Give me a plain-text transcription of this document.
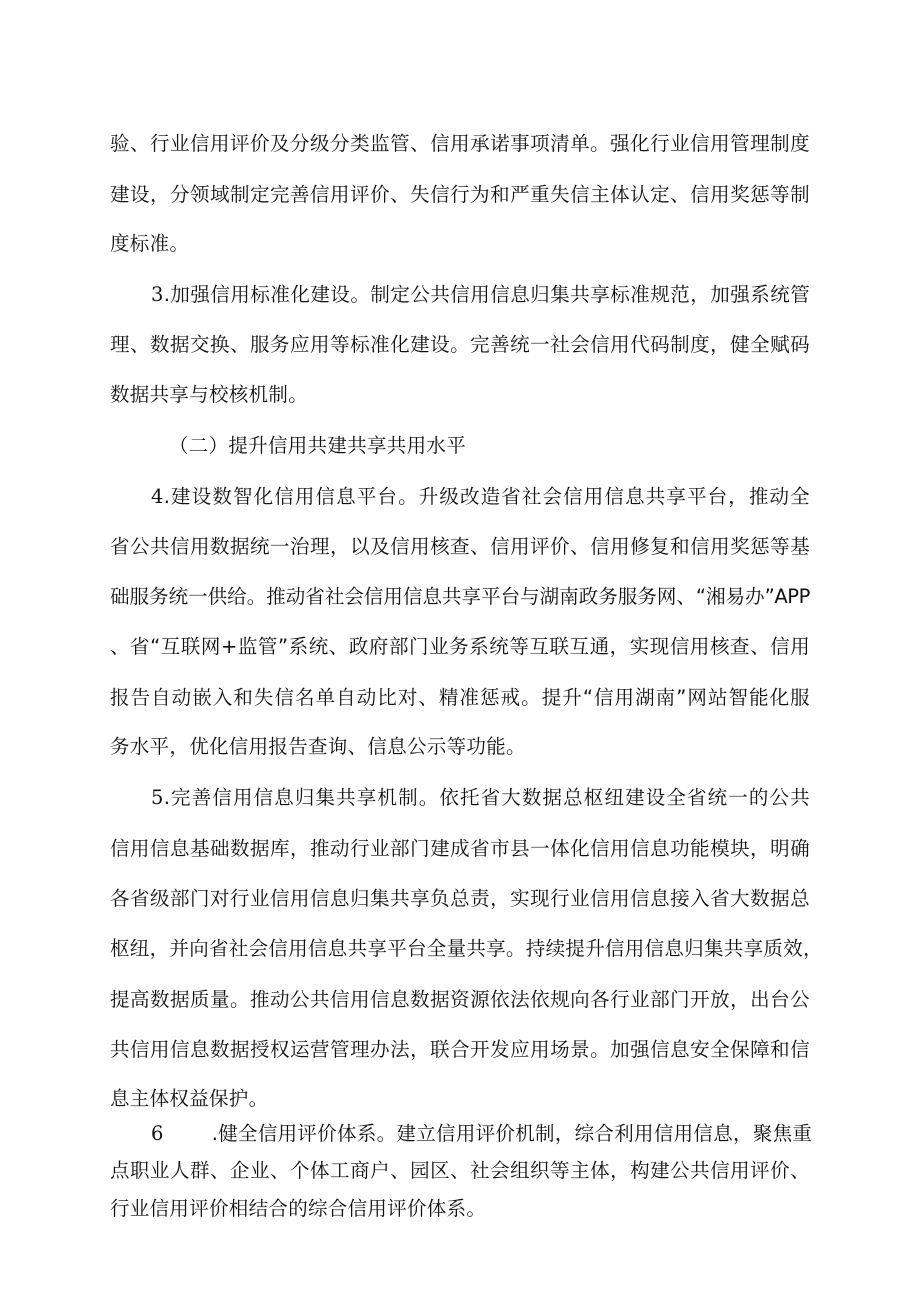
验、行业信用评价及分级分类监管、信用承诺事项清单。强化行业信用管理制度
建设，分领域制定完善信用评价、失信行为和严重失信主体认定、信用奖惩等制
度标准。
3.加强信用标准化建设。制定公共信用信息归集共享标准规范，加强系统管
理、数据交换、服务应用等标准化建设。完善统一社会信用代码制度，健全赋码
数据共享与校核机制。
（二）提升信用共建共享共用水平
4.建设数智化信用信息平台。升级改造省社会信用信息共享平台，推动全
省公共信用数据统一治理，以及信用核查、信用评价、信用修复和信用奖惩等基
础服务统一供给。推动省社会信用信息共享平台与湖南政务服务网、“湘易办”APP
、省“互联网+监管”系统、政府部门业务系统等互联互通，实现信用核查、信用
报告自动嵌入和失信名单自动比对、精准惩戒。提升“信用湖南”网站智能化服
务水平，优化信用报告查询、信息公示等功能。
5.完善信用信息归集共享机制。依托省大数据总枢纽建设全省统一的公共
信用信息基础数据库，推动行业部门建成省市县一体化信用信息功能模块，明确
各省级部门对行业信用信息归集共享负总责，实现行业信用信息接入省大数据总
枢纽，并向省社会信用信息共享平台全量共享。持续提升信用信息归集共享质效，
提高数据质量。推动公共信用信息数据资源依法依规向各行业部门开放，出台公
共信用信息数据授权运营管理办法，联合开发应用场景。加强信息安全保障和信
息主体权益保护。
6 .健全信用评价体系。建立信用评价机制，综合利用信用信息，聚焦重
点职业人群、企业、个体工商户、园区、社会组织等主体，构建公共信用评价、
行业信用评价相结合的综合信用评价体系。
